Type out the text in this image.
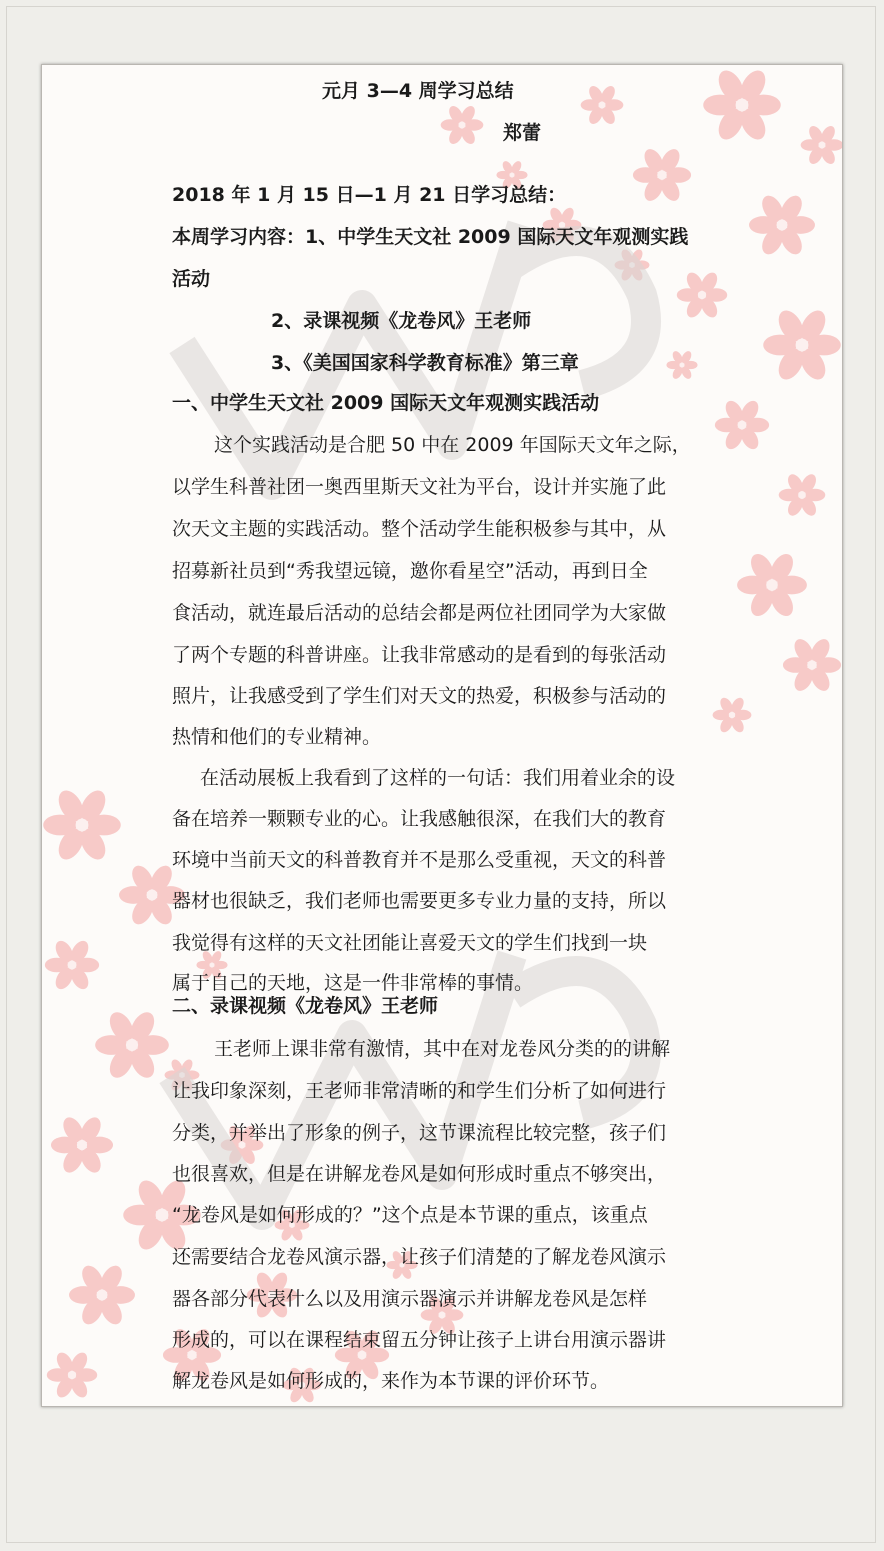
元月 3—4 周学习总结
郑蕾
2018 年 1 月 15 日—1 月 21 日学习总结：
本周学习内容：1、中学生天文社 2009 国际天文年观测实践
活动
2、录课视频《龙卷风》王老师
3、《美国国家科学教育标准》第三章
一、中学生天文社 2009 国际天文年观测实践活动
这个实践活动是合肥 50 中在 2009 年国际天文年之际，
以学生科普社团一奥西里斯天文社为平台，设计并实施了此
次天文主题的实践活动。整个活动学生能积极参与其中，从
招募新社员到“秀我望远镜，邀你看星空”活动，再到日全
食活动，就连最后活动的总结会都是两位社团同学为大家做
了两个专题的科普讲座。让我非常感动的是看到的每张活动
照片，让我感受到了学生们对天文的热爱，积极参与活动的
热情和他们的专业精神。
在活动展板上我看到了这样的一句话：我们用着业余的设
备在培养一颗颗专业的心。让我感触很深，在我们大的教育
环境中当前天文的科普教育并不是那么受重视，天文的科普
器材也很缺乏，我们老师也需要更多专业力量的支持，所以
我觉得有这样的天文社团能让喜爱天文的学生们找到一块
属于自己的天地，这是一件非常棒的事情。
二、录课视频《龙卷风》王老师
王老师上课非常有激情，其中在对龙卷风分类的的讲解
让我印象深刻，王老师非常清晰的和学生们分析了如何进行
分类，并举出了形象的例子，这节课流程比较完整，孩子们
也很喜欢，但是在讲解龙卷风是如何形成时重点不够突出，
“龙卷风是如何形成的？”这个点是本节课的重点，该重点
还需要结合龙卷风演示器，让孩子们清楚的了解龙卷风演示
器各部分代表什么以及用演示器演示并讲解龙卷风是怎样
形成的，可以在课程结束留五分钟让孩子上讲台用演示器讲
解龙卷风是如何形成的，来作为本节课的评价环节。
